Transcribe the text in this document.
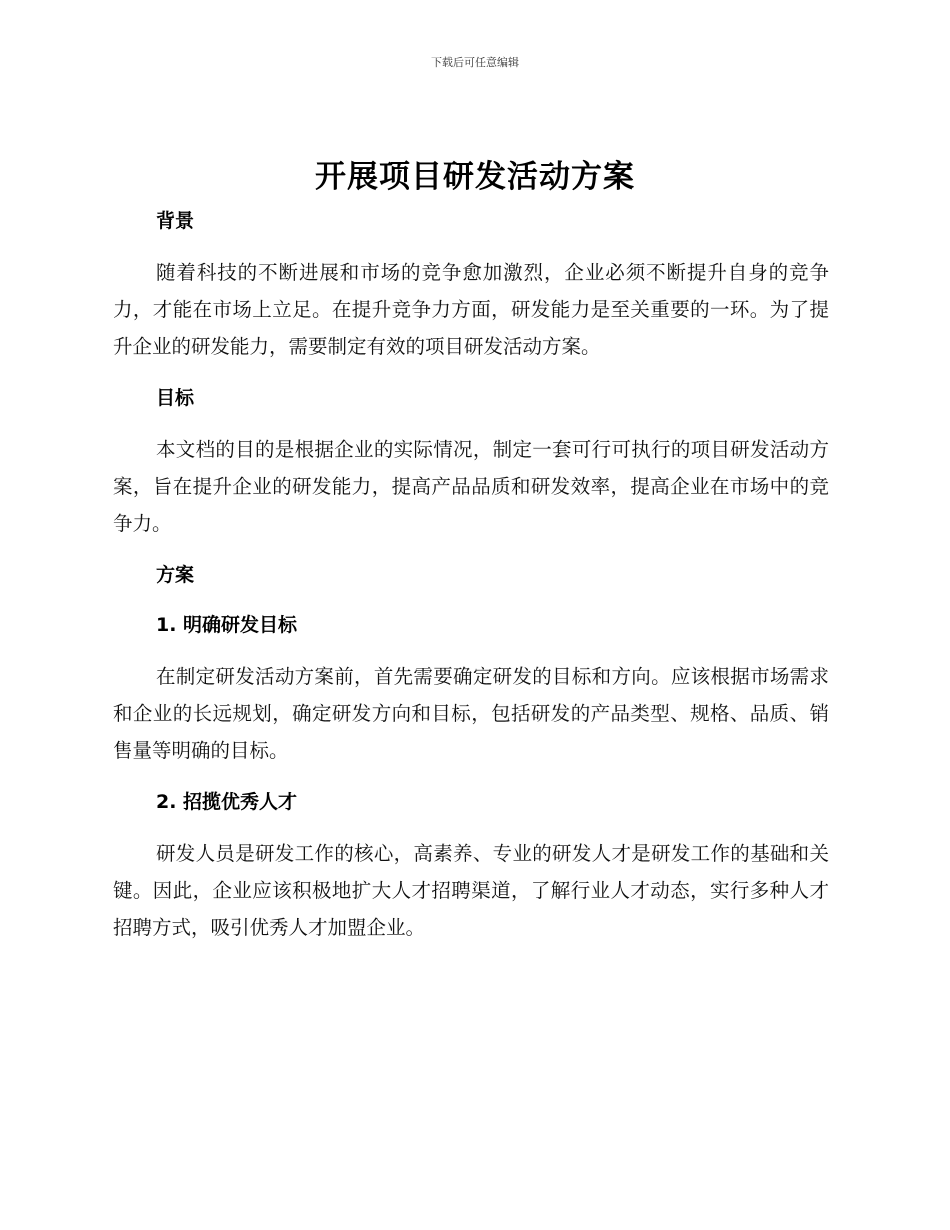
下载后可任意编辑
开展项目研发活动方案
背景

随着科技的不断进展和市场的竞争愈加激烈，企业必须不断提升自身的竞争力，才能在市场上立足。在提升竞争力方面，研发能力是至关重要的一环。为了提升企业的研发能力，需要制定有效的项目研发活动方案。

目标

本文档的目的是根据企业的实际情况，制定一套可行可执行的项目研发活动方案，旨在提升企业的研发能力，提高产品品质和研发效率，提高企业在市场中的竞争力。

方案
1. 明确研发目标

在制定研发活动方案前，首先需要确定研发的目标和方向。应该根据市场需求和企业的长远规划，确定研发方向和目标，包括研发的产品类型、规格、品质、销售量等明确的目标。

2. 招揽优秀人才

研发人员是研发工作的核心，高素养、专业的研发人才是研发工作的基础和关键。因此，企业应该积极地扩大人才招聘渠道，了解行业人才动态，实行多种人才招聘方式，吸引优秀人才加盟企业。
